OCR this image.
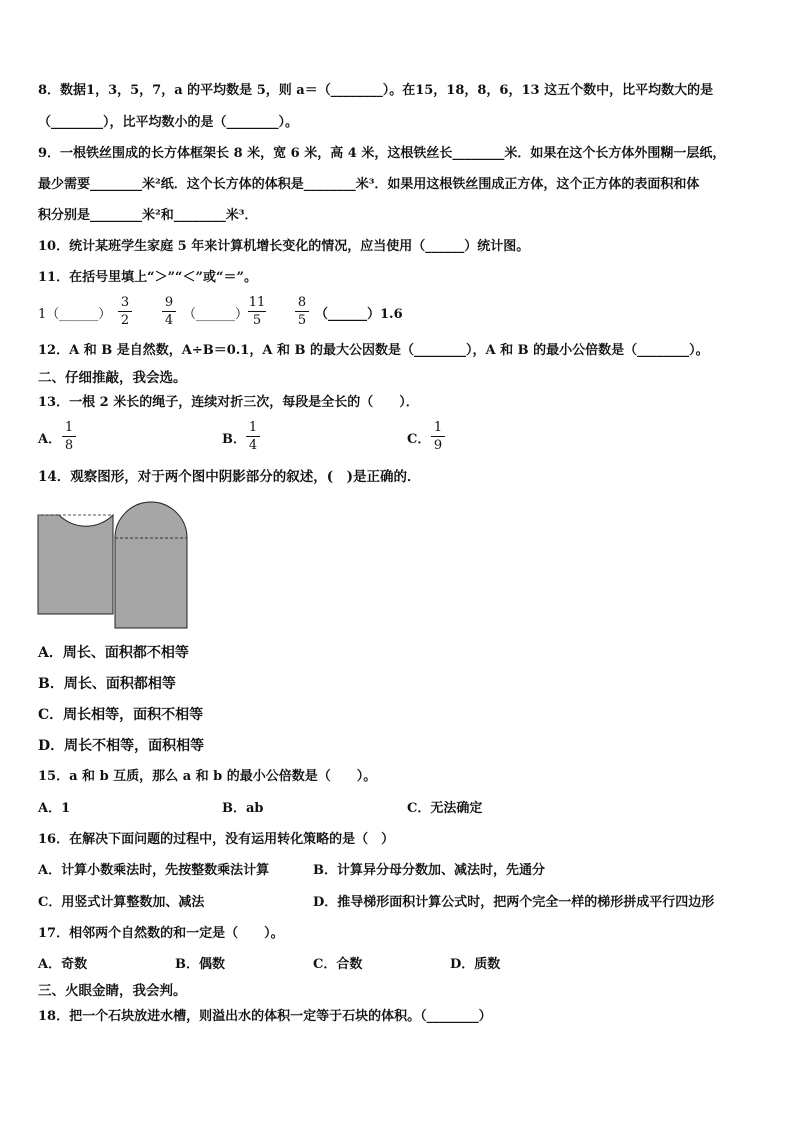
8．数据1，3，5，7，a 的平均数是 5，则 a＝（________）。在15，18，8，6，13 这五个数中，比平均数大的是
（________），比平均数小的是（________）。
9．一根铁丝围成的长方体框架长 8 米，宽 6 米，高 4 米，这根铁丝长________米．如果在这个长方体外围糊一层纸，
最少需要________米²纸．这个长方体的体积是________米³．如果用这根铁丝围成正方体，这个正方体的表面积和体
积分别是________米²和________米³．
10．统计某班学生家庭 5 年来计算机增长变化的情况，应当使用（______）统计图。
11．在括号里填上“＞”“＜”或“＝”。
1（______）
3
2
9
4 （______）
11
5
8
5 （______）1.6
12．A 和 B 是自然数，A÷B＝0.1，A 和 B 的最大公因数是（________），A 和 B 的最小公倍数是（________）。
二、仔细推敲，我会选。
13．一根 2 米长的绳子，连续对折三次，每段是全长的（　　）．
A．
1
8	B．
1
4	C．
1
9
14．观察图形，对于两个图中阴影部分的叙述，(　)是正确的．
A．周长、面积都不相等
B．周长、面积都相等
C．周长相等，面积不相等
D．周长不相等，面积相等
15．a 和 b 互质，那么 a 和 b 的最小公倍数是（　　）。
A．1	B．ab	C．无法确定
16．在解决下面问题的过程中，没有运用转化策略的是（　）
A．计算小数乘法时，先按整数乘法计算	B．计算异分母分数加、减法时，先通分
C．用竖式计算整数加、减法	D．推导梯形面积计算公式时，把两个完全一样的梯形拼成平行四边形
17．相邻两个自然数的和一定是（　　）。
A．奇数	B．偶数	C．合数	D．质数
三、火眼金睛，我会判。
18．把一个石块放进水槽，则溢出水的体积一定等于石块的体积。（________）
